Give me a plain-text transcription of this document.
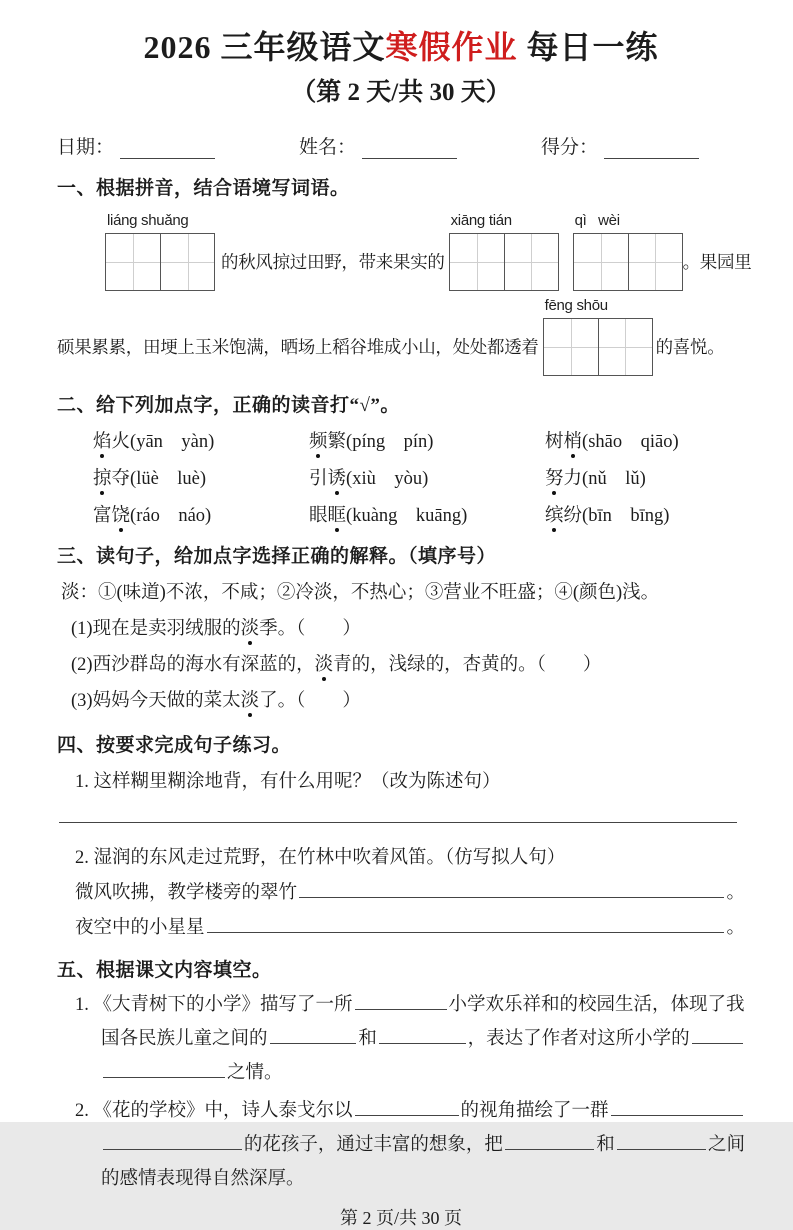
2026 三年级语文寒假作业 每日一练
（第 2 天/共 30 天）
日期：	姓名：	得分：
一、根据拼音，结合语境写词语。
liáng shuǎng
的秋风掠过田野，带来果实的
xiāng tián	qì   wèi
。果园里
硕果累累，田埂上玉米饱满，晒场上稻谷堆成小山，处处都透着
fēng shōu
的喜悦。
二、给下列加点字，正确的读音打“√”。
焰火(yān　yàn)	频繁(píng　pín)	树梢(shāo　qiāo)
掠夺(lüè　luè)	引诱(xiù　yòu)	努力(nǔ　lǔ)
富饶(ráo　náo)	眼眶(kuàng　kuāng)	缤纷(bīn　bīng)
三、读句子，给加点字选择正确的解释。（填序号）
淡：①(味道)不浓，不咸；②冷淡，不热心；③营业不旺盛；④(颜色)浅。
(1)现在是卖羽绒服的淡季。（　　）
(2)西沙群岛的海水有深蓝的，淡青的，浅绿的，杏黄的。（　　）
(3)妈妈今天做的菜太淡了。（　　）
四、按要求完成句子练习。
1. 这样糊里糊涂地背，有什么用呢？（改为陈述句）
2. 湿润的东风走过荒野，在竹林中吹着风笛。（仿写拟人句）
微风吹拂，教学楼旁的翠竹	。
夜空中的小星星	。
五、根据课文内容填空。
1.
《大青树下的小学》描写了一所	小学欢乐祥和的校园生活，体现了我
国各民族儿童之间的	和	，表达了作者对这所小学的
之情。
2.
《花的学校》中，诗人泰戈尔以	的视角描绘了一群
的花孩子，通过丰富的想象，把	和	之间
的感情表现得自然深厚。
第 2 页/共 30 页
